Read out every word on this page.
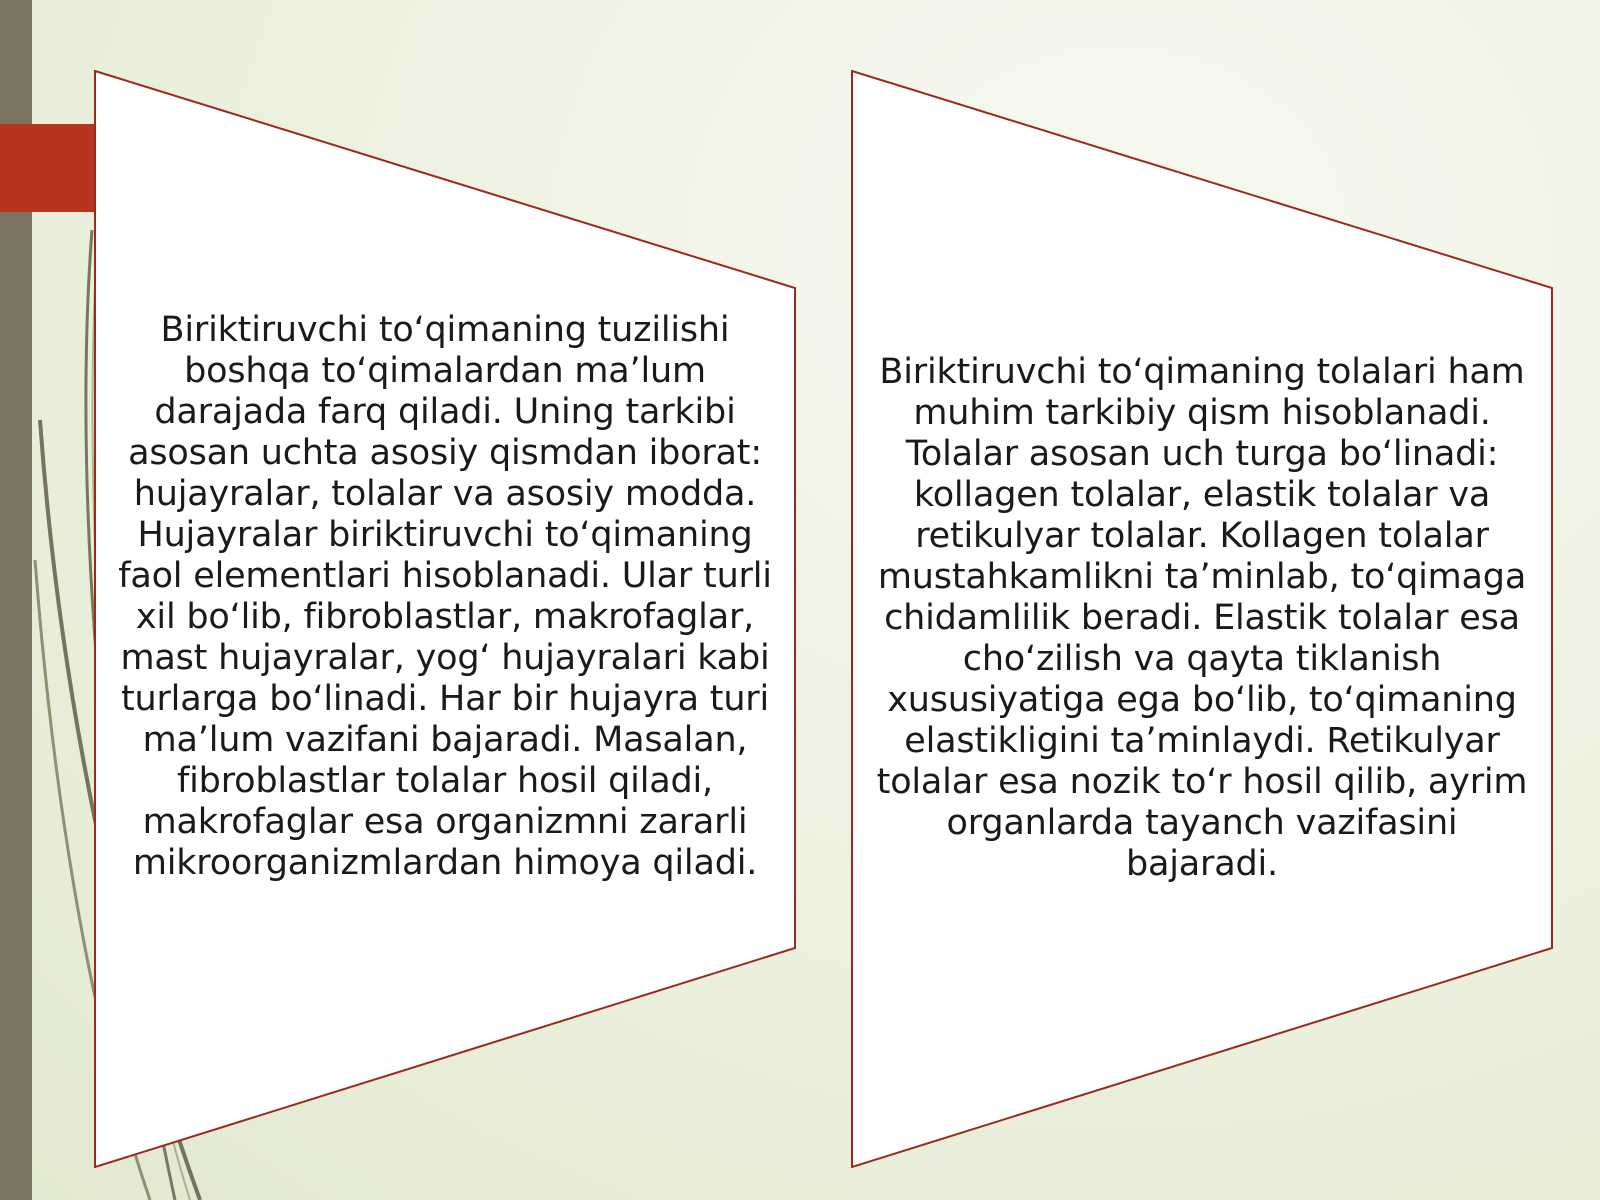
Biriktiruvchi to‘qimaning tuzilishi boshqa to‘qimalardan ma’lum darajada farq qiladi. Uning tarkibi asosan uchta asosiy qismdan iborat: hujayralar, tolalar va asosiy modda. Hujayralar biriktiruvchi to‘qimaning faol elementlari hisoblanadi. Ular turli xil bo‘lib, fibroblastlar, makrofaglar, mast hujayralar, yog‘ hujayralari kabi turlarga bo‘linadi. Har bir hujayra turi ma’lum vazifani bajaradi. Masalan, fibroblastlar tolalar hosil qiladi, makrofaglar esa organizmni zararli mikroorganizmlardan himoya qiladi.
Biriktiruvchi to‘qimaning tolalari ham muhim tarkibiy qism hisoblanadi. Tolalar asosan uch turga bo‘linadi: kollagen tolalar, elastik tolalar va retikulyar tolalar. Kollagen tolalar mustahkamlikni ta’minlab, to‘qimaga chidamlilik beradi. Elastik tolalar esa cho‘zilish va qayta tiklanish xususiyatiga ega bo‘lib, to‘qimaning elastikligini ta’minlaydi. Retikulyar tolalar esa nozik to‘r hosil qilib, ayrim organlarda tayanch vazifasini bajaradi.
